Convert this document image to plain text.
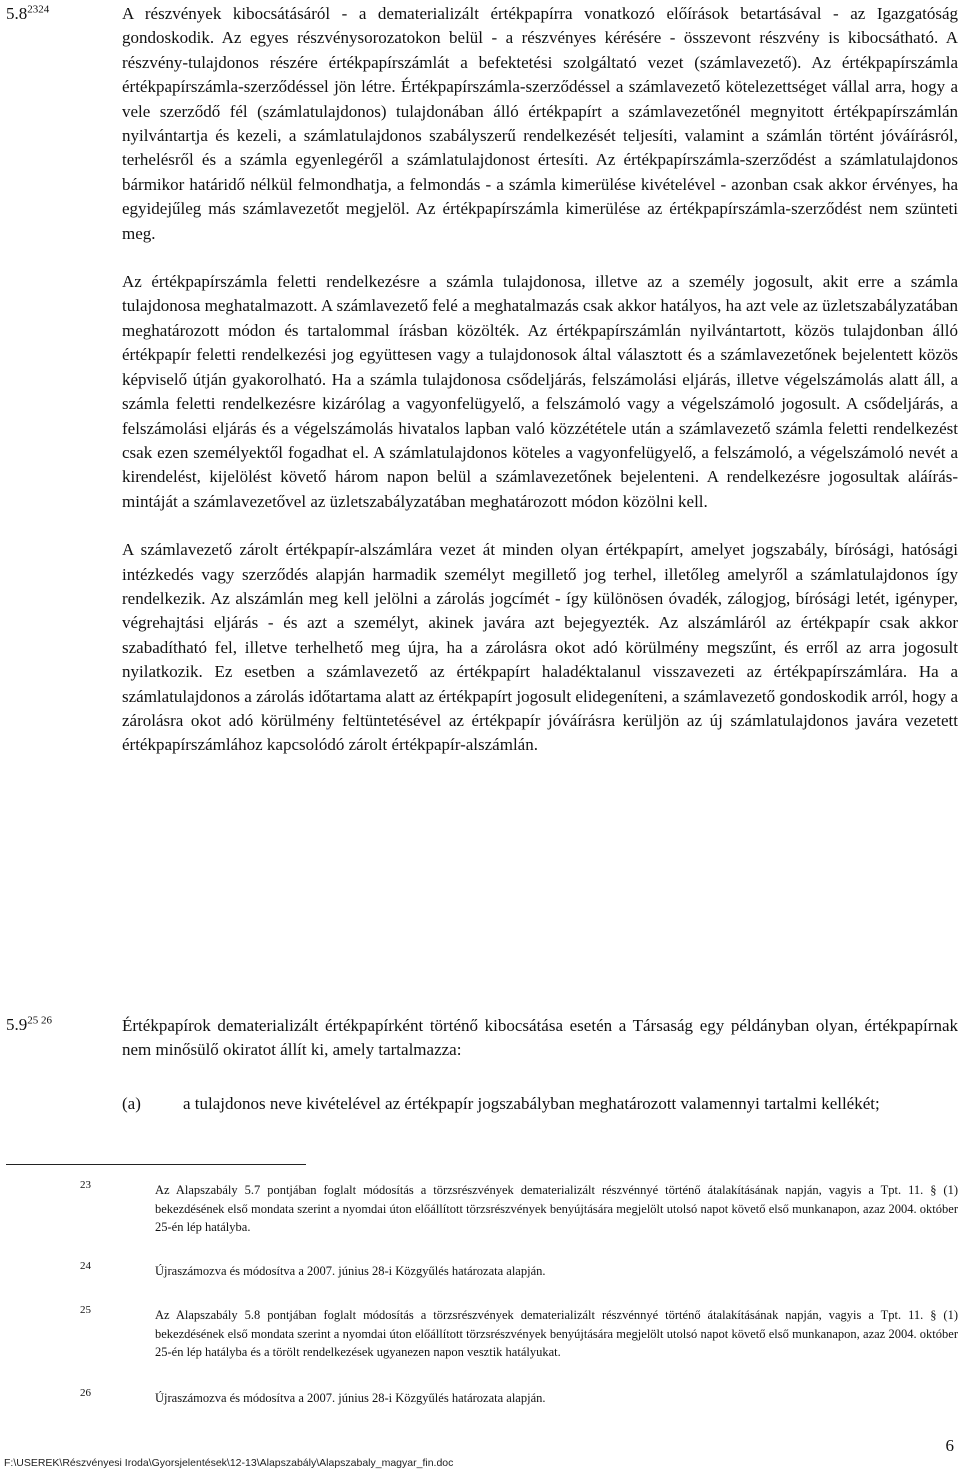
$5.8^{2324}$	A részvények kibocsátásáról - a dematerializált értékpapírra vonatkozó előírások betartásával - az Igazgatóság gondoskodik. Az egyes részvénysorozatokon belül - a részvényes kérésére - összevont részvény is kibocsátható. A részvény-tulajdonos részére értékpapírszámlát a befektetési szolgáltató vezet (számlavezető). Az értékpapírszámla értékpapírszámla-szerződéssel jön létre. Értékpapírszámla-szerződéssel a számlavezető kötelezettséget vállal arra, hogy a vele szerződő fél (számlatulajdonos) tulajdonában álló értékpapírt a számlavezetőnél megnyitott értékpapírszámlán nyilvántartja és kezeli, a számlatulajdonos szabályszerű rendelkezését teljesíti, valamint a számlán történt jóváírásról, terhelésről és a számla egyenlegéről a számlatulajdonost értesíti. Az értékpapírszámla-szerződést a számlatulajdonos bármikor határidő nélkül felmondhatja, a felmondás - a számla kimerülése kivételével - azonban csak akkor érvényes, ha egyidejűleg más számlavezetőt megjelöl. Az értékpapírszámla kimerülése az értékpapírszámla-szerződést nem szünteti meg.

Az értékpapírszámla feletti rendelkezésre a számla tulajdonosa, illetve az a személy jogosult, akit erre a számla tulajdonosa meghatalmazott. A számlavezető felé a meghatalmazás csak akkor hatályos, ha azt vele az üzletszabályzatában meghatározott módon és tartalommal írásban közölték. Az értékpapírszámlán nyilvántartott, közös tulajdonban álló értékpapír feletti rendelkezési jog együttesen vagy a tulajdonosok által választott és a számlavezetőnek bejelentett közös képviselő útján gyakorolható. Ha a számla tulajdonosa csődeljárás, felszámolási eljárás, illetve végelszámolás alatt áll, a számla feletti rendelkezésre kizárólag a vagyonfelügyelő, a felszámoló vagy a végelszámoló jogosult. A csődeljárás, a felszámolási eljárás és a végelszámolás hivatalos lapban való közzététele után a számlavezető számla feletti rendelkezést csak ezen személyektől fogadhat el. A számlatulajdonos köteles a vagyonfelügyelő, a felszámoló, a végelszámoló nevét a kirendelést, kijelölést követő három napon belül a számlavezetőnek bejelenteni. A rendelkezésre jogosultak aláírás-mintáját a számlavezetővel az üzletszabályzatában meghatározott módon közölni kell.

A számlavezető zárolt értékpapír-alszámlára vezet át minden olyan értékpapírt, amelyet jogszabály, bírósági, hatósági intézkedés vagy szerződés alapján harmadik személyt megillető jog terhel, illetőleg amelyről a számlatulajdonos így rendelkezik. Az alszámlán meg kell jelölni a zárolás jogcímét - így különösen óvadék, zálogjog, bírósági letét, igényper, végrehajtási eljárás - és azt a személyt, akinek javára azt bejegyezték. Az alszámláról az értékpapír csak akkor szabadítható fel, illetve terhelhető meg újra, ha a zárolásra okot adó körülmény megszűnt, és erről az arra jogosult nyilatkozik. Ez esetben a számlavezető az értékpapírt haladéktalanul visszavezeti az értékpapírszámlára. Ha a számlatulajdonos a zárolás időtartama alatt az értékpapírt jogosult elidegeníteni, a számlavezető gondoskodik arról, hogy a zárolásra okot adó körülmény feltüntetésével az értékpapír jóváírásra kerüljön az új számlatulajdonos javára vezetett értékpapírszámlához kapcsolódó zárolt értékpapír-alszámlán.

$5.9^{25 26}$	Értékpapírok dematerializált értékpapírként történő kibocsátása esetén a Társaság egy példányban olyan, értékpapírnak nem minősülő okiratot állít ki, amely tartalmazza:

(a) a tulajdonos neve kivételével az értékpapír jogszabályban meghatározott valamennyi tartalmi kellékét;
23	Az Alapszabály 5.7 pontjában foglalt módosítás a törzsrészvények dematerializált részvénnyé történő átalakításának napján, vagyis a Tpt. 11. § (1) bekezdésének első mondata szerint a nyomdai úton előállított törzsrészvények benyújtására megjelölt utolsó napot követő első munkanapon, azaz 2004. október 25-én lép hatályba.
24	Újraszámozva és módosítva a 2007. június 28-i Közgyűlés határozata alapján.
25	Az Alapszabály 5.8 pontjában foglalt módosítás a törzsrészvények dematerializált részvénnyé történő átalakításának napján, vagyis a Tpt. 11. § (1) bekezdésének első mondata szerint a nyomdai úton előállított törzsrészvények benyújtására megjelölt utolsó napot követő első munkanapon, azaz 2004. október 25-én lép hatályba és a törölt rendelkezések ugyanezen napon vesztik hatályukat.
26	Újraszámozva és módosítva a 2007. június 28-i Közgyűlés határozata alapján.
F:\USEREK\Részvényesi Iroda\Gyorsjelentések\12-13\Alapszabály\Alapszabaly_magyar_fin.doc
6
